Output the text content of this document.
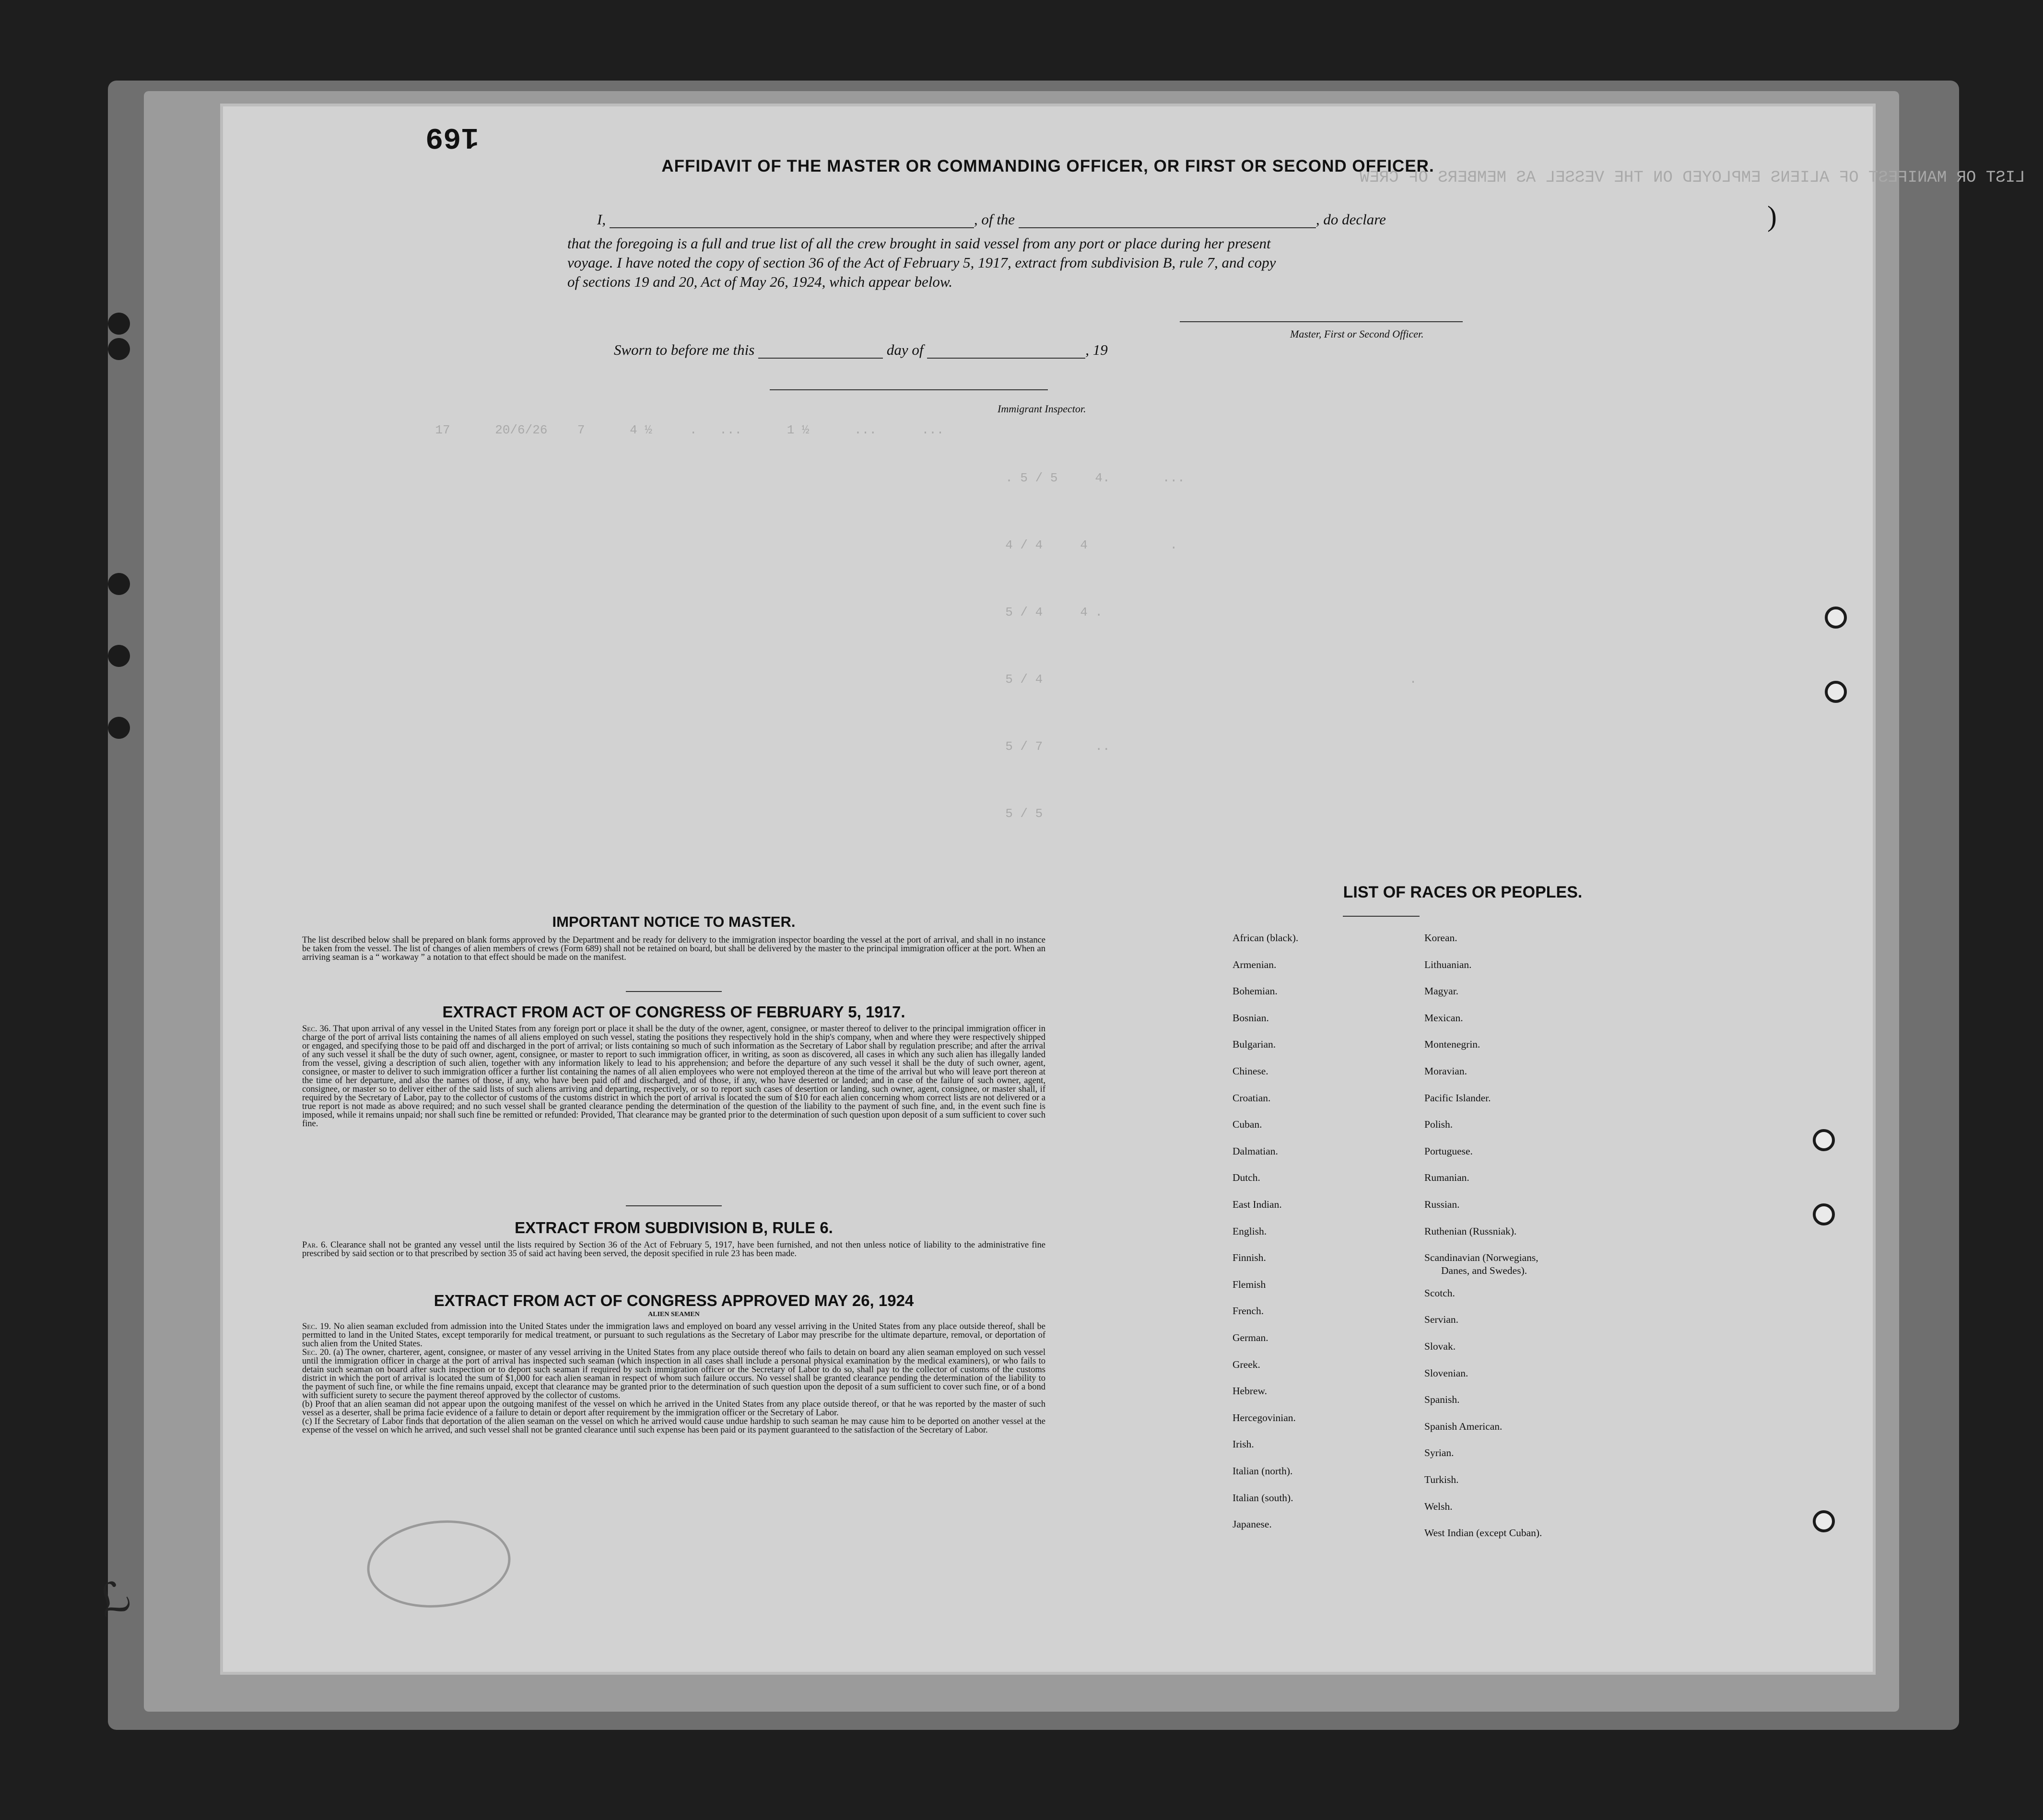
169
LIST OR MANIFEST OF ALIENS EMPLOYED ON THE VESSEL AS MEMBERS OF CREW
17      20/6/26    7      4 ½     .   ...      1 ½      ...      ...
. 5 / 5     4.       ...
4 / 4     4           .
5 / 4     4 .
5 / 4                                                 .
5 / 7       ..
5 / 5
AFFIDAVIT OF THE MASTER OR COMMANDING OFFICER, OR FIRST OR SECOND OFFICER.
I,	, of the	, do declare
that the foregoing is a full and true list of all the crew brought in said vessel from any port or place during her present
voyage. I have noted the copy of section 36 of the Act of February 5, 1917, extract from subdivision B, rule 7, and copy
of sections 19 and 20, Act of May 26, 1924, which appear below.
Master, First or Second Officer.
Sworn to before me this	day of	, 19
Immigrant Inspector.
IMPORTANT NOTICE TO MASTER.
The list described below shall be prepared on blank forms approved by the Department and be ready for delivery to the immigration inspector boarding the vessel at the port of arrival, and shall in no instance be taken from the vessel. The list of changes of alien members of crews (Form 689) shall not be retained on board, but shall be delivered by the master to the principal immigration officer at the port. When an arriving seaman is a “ workaway ” a notation to that effect should be made on the manifest.
EXTRACT FROM ACT OF CONGRESS OF FEBRUARY 5, 1917.
Sec. 36. That upon arrival of any vessel in the United States from any foreign port or place it shall be the duty of the owner, agent, consignee, or master thereof to deliver to the principal immigration officer in charge of the port of arrival lists containing the names of all aliens employed on such vessel, stating the positions they respectively hold in the ship's company, when and where they were respectively shipped or engaged, and specifying those to be paid off and discharged in the port of arrival; or lists containing so much of such information as the Secretary of Labor shall by regulation prescribe; and after the arrival of any such vessel it shall be the duty of such owner, agent, consignee, or master to report to such immigration officer, in writing, as soon as discovered, all cases in which any such alien has illegally landed from the vessel, giving a description of such alien, together with any information likely to lead to his apprehension; and before the departure of any such vessel it shall be the duty of such owner, agent, consignee, or master to deliver to such immigration officer a further list containing the names of all alien employees who were not employed thereon at the time of the arrival but who will leave port thereon at the time of her departure, and also the names of those, if any, who have been paid off and discharged, and of those, if any, who have deserted or landed; and in case of the failure of such owner, agent, consignee, or master so to deliver either of the said lists of such aliens arriving and departing, respectively, or so to report such cases of desertion or landing, such owner, agent, consignee, or master shall, if required by the Secretary of Labor, pay to the collector of customs of the customs district in which the port of arrival is located the sum of $10 for each alien concerning whom correct lists are not delivered or a true report is not made as above required; and no such vessel shall be granted clearance pending the determination of the question of the liability to the payment of such fine, and, in the event such fine is imposed, while it remains unpaid; nor shall such fine be remitted or refunded: Provided, That clearance may be granted prior to the determination of such question upon deposit of a sum sufficient to cover such fine.
EXTRACT FROM SUBDIVISION B, RULE 6.
Par. 6. Clearance shall not be granted any vessel until the lists required by Section 36 of the Act of February 5, 1917, have been furnished, and not then unless notice of liability to the administrative fine prescribed by said section or to that prescribed by section 35 of said act having been served, the deposit specified in rule 23 has been made.
EXTRACT FROM ACT OF CONGRESS APPROVED MAY 26, 1924
ALIEN SEAMEN
Sec. 19. No alien seaman excluded from admission into the United States under the immigration laws and employed on board any vessel arriving in the United States from any place outside thereof, shall be permitted to land in the United States, except temporarily for medical treatment, or pursuant to such regulations as the Secretary of Labor may prescribe for the ultimate departure, removal, or deportation of such alien from the United States.
Sec. 20. (a) The owner, charterer, agent, consignee, or master of any vessel arriving in the United States from any place outside thereof who fails to detain on board any alien seaman employed on such vessel until the immigration officer in charge at the port of arrival has inspected such seaman (which inspection in all cases shall include a personal physical examination by the medical examiners), or who fails to detain such seaman on board after such inspection or to deport such seaman if required by such immigration officer or the Secretary of Labor to do so, shall pay to the collector of customs of the customs district in which the port of arrival is located the sum of $1,000 for each alien seaman in respect of whom such failure occurs. No vessel shall be granted clearance pending the determination of the liability to the payment of such fine, or while the fine remains unpaid, except that clearance may be granted prior to the determination of such question upon the deposit of a sum sufficient to cover such fine, or of a bond with sufficient surety to secure the payment thereof approved by the collector of customs.
(b) Proof that an alien seaman did not appear upon the outgoing manifest of the vessel on which he arrived in the United States from any place outside thereof, or that he was reported by the master of such vessel as a deserter, shall be prima facie evidence of a failure to detain or deport after requirement by the immigration officer or the Secretary of Labor.
(c) If the Secretary of Labor finds that deportation of the alien seaman on the vessel on which he arrived would cause undue hardship to such seaman he may cause him to be deported on another vessel at the expense of the vessel on which he arrived, and such vessel shall not be granted clearance until such expense has been paid or its payment guaranteed to the satisfaction of the Secretary of Labor.
LIST OF RACES OR PEOPLES.
Danes, and Swedes).
)
ℒ
African (black).
Armenian.
Bohemian.
Bosnian.
Bulgarian.
Chinese.
Croatian.
Cuban.
Dalmatian.
Dutch.
East Indian.
English.
Finnish.
Flemish
French.
German.
Greek.
Hebrew.
Hercegovinian.
Irish.
Italian (north).
Italian (south).
Japanese.
Korean.
Lithuanian.
Magyar.
Mexican.
Montenegrin.
Moravian.
Pacific Islander.
Polish.
Portuguese.
Rumanian.
Russian.
Ruthenian (Russniak).
Scandinavian (Norwegians,
Scotch.
Servian.
Slovak.
Slovenian.
Spanish.
Spanish American.
Syrian.
Turkish.
Welsh.
West Indian (except Cuban).
